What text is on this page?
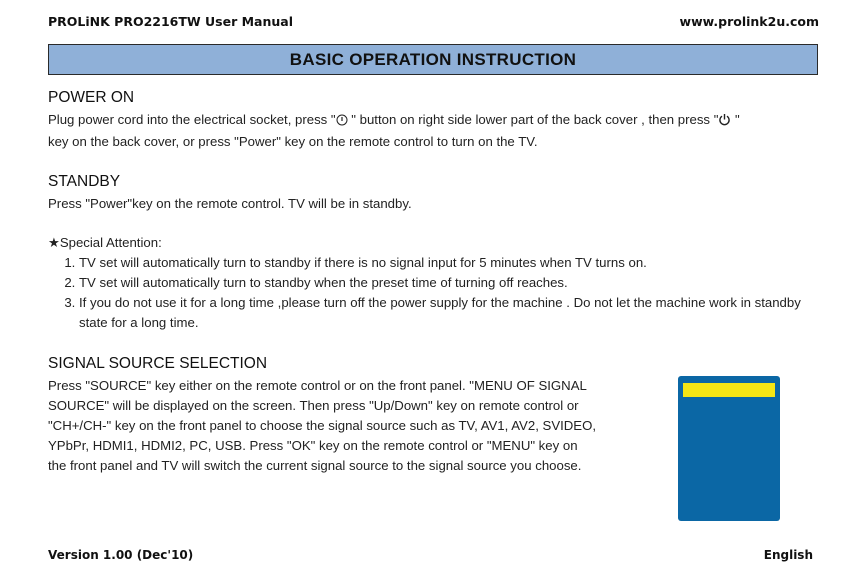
PROLiNK PRO2216TW User Manual	www.prolink2u.com
BASIC OPERATION INSTRUCTION
POWER ON
Plug power cord into the electrical socket, press " " button on right side lower part of the back cover , then press " "
key on the back cover, or press "Power" key on the remote control to turn on the TV.
STANDBY
Press "Power"key on the remote control. TV will be in standby.
★Special Attention:
1. TV set will automatically turn to standby if there is no signal input for 5 minutes when TV turns on.
2. TV set will automatically turn to standby when the preset time of turning off reaches.
3. If you do not use it for a long time ,please turn off the power supply for the machine . Do not let the machine work in standby state for a long time.
SIGNAL SOURCE SELECTION
Press "SOURCE" key either on the remote control or on the front panel. "MENU OF SIGNAL
SOURCE" will be displayed on the screen. Then press "Up/Down" key on remote control or
"CH+/CH-" key on the front panel to choose the signal source such as TV, AV1, AV2, SVIDEO,
YPbPr, HDMI1, HDMI2, PC, USB. Press "OK" key on the remote control or "MENU" key on
the front panel and TV will switch the current signal source to the signal source you choose.
Version 1.00 (Dec'10)	English
